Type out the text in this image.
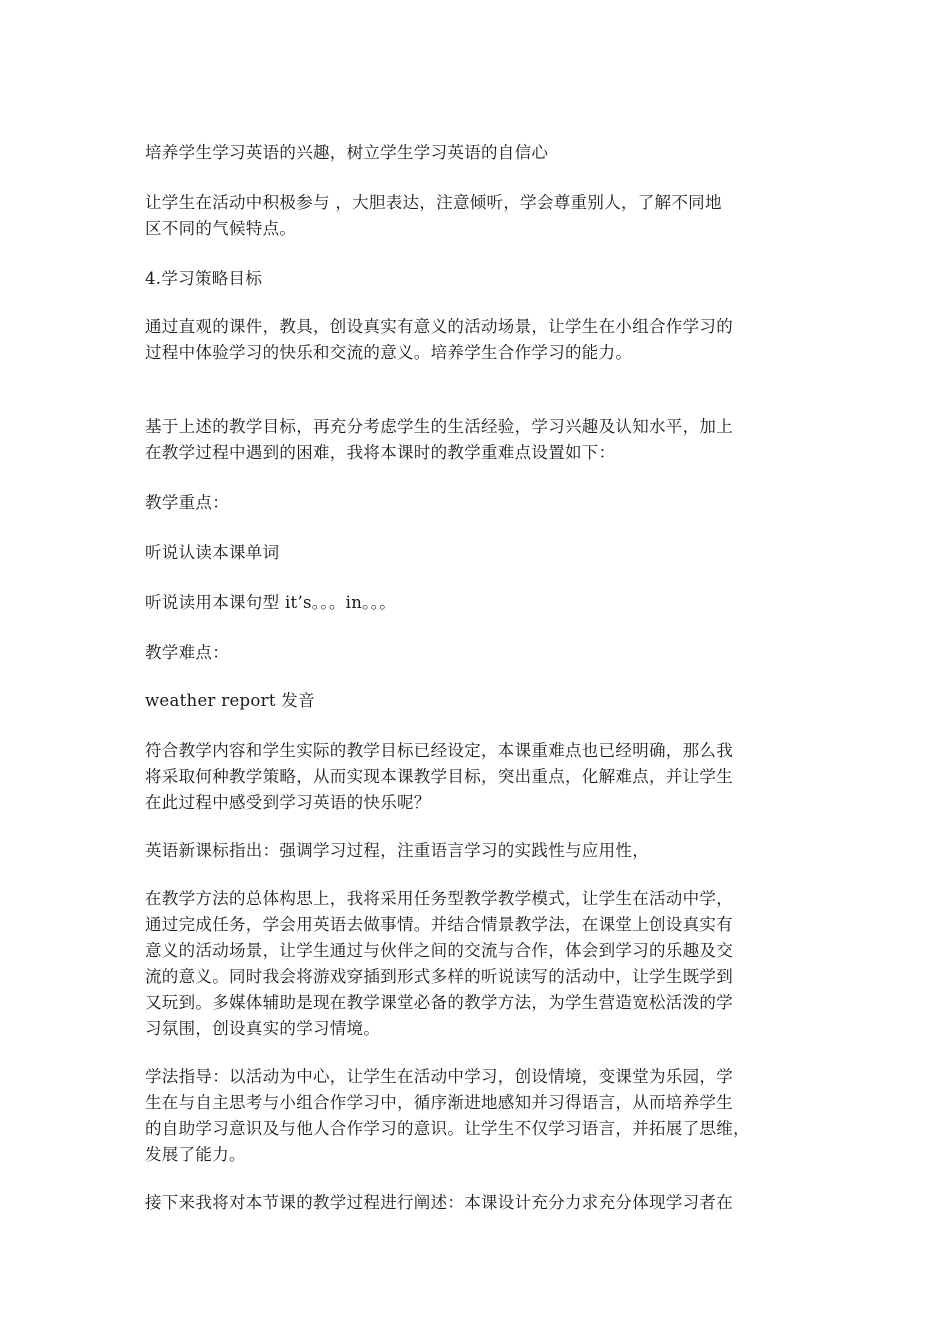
培养学生学习英语的兴趣，树立学生学习英语的自信心
让学生在活动中积极参与 ，大胆表达，注意倾听，学会尊重别人，了解不同地
区不同的气候特点。
4.学习策略目标
通过直观的课件，教具，创设真实有意义的活动场景，让学生在小组合作学习的
过程中体验学习的快乐和交流的意义。培养学生合作学习的能力。
基于上述的教学目标，再充分考虑学生的生活经验，学习兴趣及认知水平，加上
在教学过程中遇到的困难，我将本课时的教学重难点设置如下：
教学重点：
听说认读本课单词
听说读用本课句型 it’s。。。in。。。
教学难点：
weather report 发音
符合教学内容和学生实际的教学目标已经设定，本课重难点也已经明确，那么我
将采取何种教学策略，从而实现本课教学目标，突出重点，化解难点，并让学生
在此过程中感受到学习英语的快乐呢？
英语新课标指出：强调学习过程，注重语言学习的实践性与应用性，
在教学方法的总体构思上，我将采用任务型教学教学模式，让学生在活动中学，
通过完成任务，学会用英语去做事情。并结合情景教学法，在课堂上创设真实有
意义的活动场景，让学生通过与伙伴之间的交流与合作，体会到学习的乐趣及交
流的意义。同时我会将游戏穿插到形式多样的听说读写的活动中，让学生既学到
又玩到。多媒体辅助是现在教学课堂必备的教学方法，为学生营造宽松活泼的学
习氛围，创设真实的学习情境。
学法指导：以活动为中心，让学生在活动中学习，创设情境，变课堂为乐园，学
生在与自主思考与小组合作学习中，循序渐进地感知并习得语言，从而培养学生
的自助学习意识及与他人合作学习的意识。让学生不仅学习语言，并拓展了思维，
发展了能力。
接下来我将对本节课的教学过程进行阐述：本课设计充分力求充分体现学习者在
